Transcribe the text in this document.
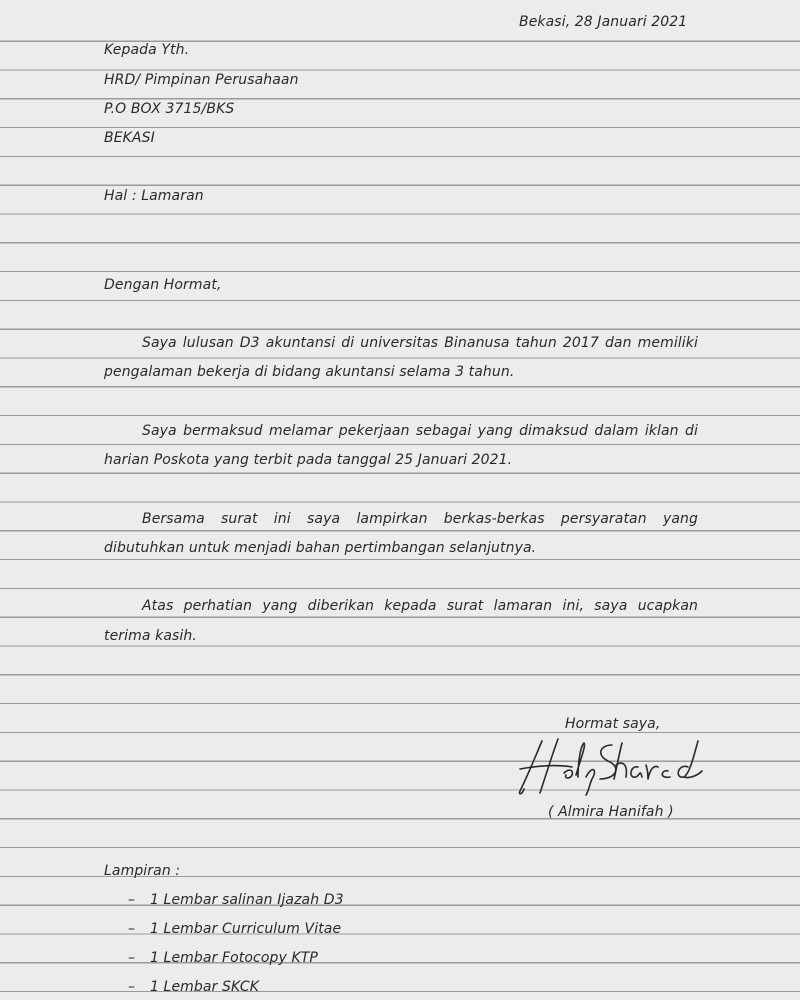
Bekasi, 28 Januari 2021
Kepada Yth.
HRD/ Pimpinan Perusahaan
P.O BOX 3715/BKS
BEKASI
Hal : Lamaran
Dengan Hormat,
Saya lulusan D3 akuntansi di universitas Binanusa tahun 2017 dan memiliki
pengalaman bekerja di bidang akuntansi selama 3 tahun.
Saya bermaksud melamar pekerjaan sebagai yang dimaksud dalam iklan di
harian Poskota yang terbit pada tanggal 25 Januari 2021.
Bersama surat ini saya lampirkan berkas-berkas persyaratan yang
dibutuhkan untuk menjadi bahan pertimbangan selanjutnya.
Atas perhatian yang diberikan kepada surat lamaran ini, saya ucapkan
terima kasih.
Hormat saya,
( Almira Hanifah )
Lampiran :
– 1 Lembar salinan Ijazah D3
– 1 Lembar Curriculum Vitae
– 1 Lembar Fotocopy KTP
– 1 Lembar SKCK
